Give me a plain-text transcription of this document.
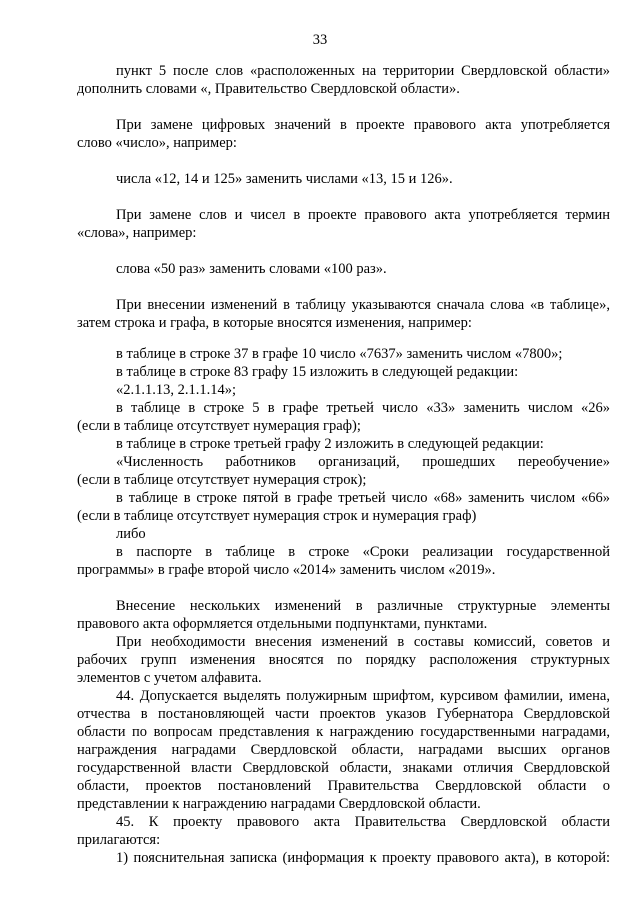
33
пункт 5 после слов «расположенных на территории Свердловской области»
дополнить словами «, Правительство Свердловской области».
При замене цифровых значений в проекте правового акта употребляется
слово «число», например:
числа «12, 14 и 125» заменить числами «13, 15 и 126».
При замене слов и чисел в проекте правового акта употребляется термин
«слова», например:
слова «50 раз» заменить словами «100 раз».
При внесении изменений в таблицу указываются сначала слова «в таблице»,
затем строка и графа, в которые вносятся изменения, например:
в таблице в строке 37 в графе 10 число «7637» заменить числом «7800»;
в таблице в строке 83 графу 15 изложить в следующей редакции:
«2.1.1.13, 2.1.1.14»;
в таблице в строке 5 в графе третьей число «33» заменить числом «26»
(если в таблице отсутствует нумерация граф);
в таблице в строке третьей графу 2 изложить в следующей редакции:
«Численность работников организаций, прошедших переобучение»
(если в таблице отсутствует нумерация строк);
в таблице в строке пятой в графе третьей число «68» заменить числом «66»
(если в таблице отсутствует нумерация строк и нумерация граф)
либо
в паспорте в таблице в строке «Сроки реализации государственной
программы» в графе второй число «2014» заменить числом «2019».
Внесение нескольких изменений в различные структурные элементы
правового акта оформляется отдельными подпунктами, пунктами.
При необходимости внесения изменений в составы комиссий, советов и
рабочих групп изменения вносятся по порядку расположения структурных
элементов с учетом алфавита.
44. Допускается выделять полужирным шрифтом, курсивом фамилии, имена,
отчества в постановляющей части проектов указов Губернатора Свердловской
области по вопросам представления к награждению государственными наградами,
награждения наградами Свердловской области, наградами высших органов
государственной власти Свердловской области, знаками отличия Свердловской
области, проектов постановлений Правительства Свердловской области о
представлении к награждению наградами Свердловской области.
45. К проекту правового акта Правительства Свердловской области
прилагаются:
1) пояснительная записка (информация к проекту правового акта), в которой:
